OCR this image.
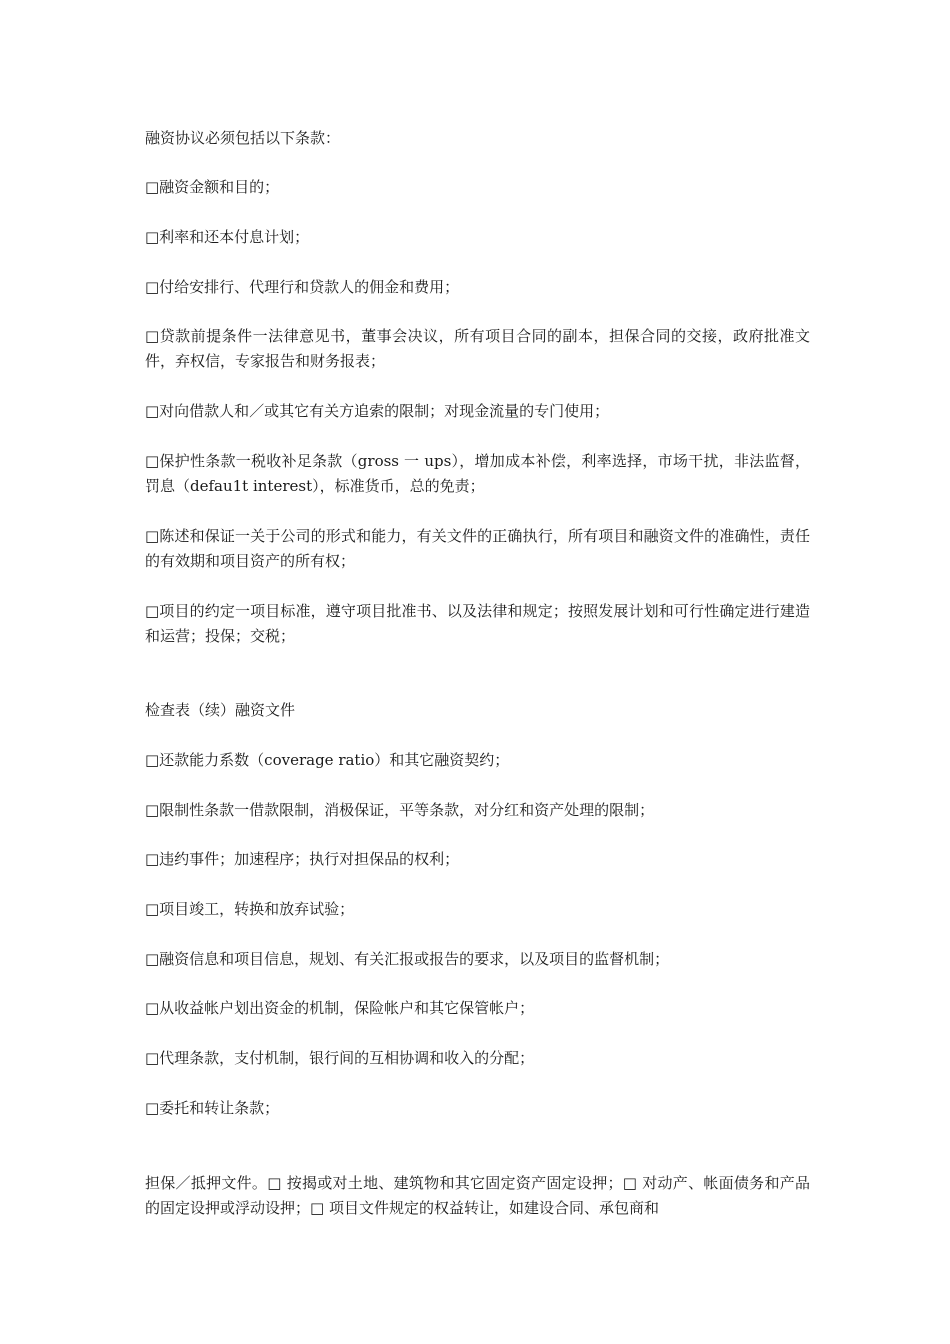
融资协议必须包括以下条款：

□融资金额和目的；

□利率和还本付息计划；

□付给安排行、代理行和贷款人的佣金和费用；

□贷款前提条件一法律意见书，董事会决议，所有项目合同的副本，担保合同的交接，政府批准文件，弃权信，专家报告和财务报表；

□对向借款人和／或其它有关方追索的限制；对现金流量的专门使用；

□保护性条款一税收补足条款（gross 一 ups），增加成本补偿，利率选择，市场干扰，非法监督，罚息（defau1t interest），标准货币，总的免责；

□陈述和保证一关于公司的形式和能力，有关文件的正确执行，所有项目和融资文件的准确性，责任的有效期和项目资产的所有权；

□项目的约定一项目标准，遵守项目批准书、以及法律和规定；按照发展计划和可行性确定进行建造和运营；投保；交税；

检查表（续）融资文件

□还款能力系数（coverage ratio）和其它融资契约；

□限制性条款一借款限制，消极保证，平等条款，对分红和资产处理的限制；

□违约事件；加速程序；执行对担保品的权利；

□项目竣工，转换和放弃试验；

□融资信息和项目信息，规划、有关汇报或报告的要求，以及项目的监督机制；

□从收益帐户划出资金的机制，保险帐户和其它保管帐户；

□代理条款，支付机制，银行间的互相协调和收入的分配；

□委托和转让条款；

担保／抵押文件。□ 按揭或对土地、建筑物和其它固定资产固定设押；□ 对动产、帐面债务和产品的固定设押或浮动设押；□ 项目文件规定的权益转让，如建设合同、承包商和
